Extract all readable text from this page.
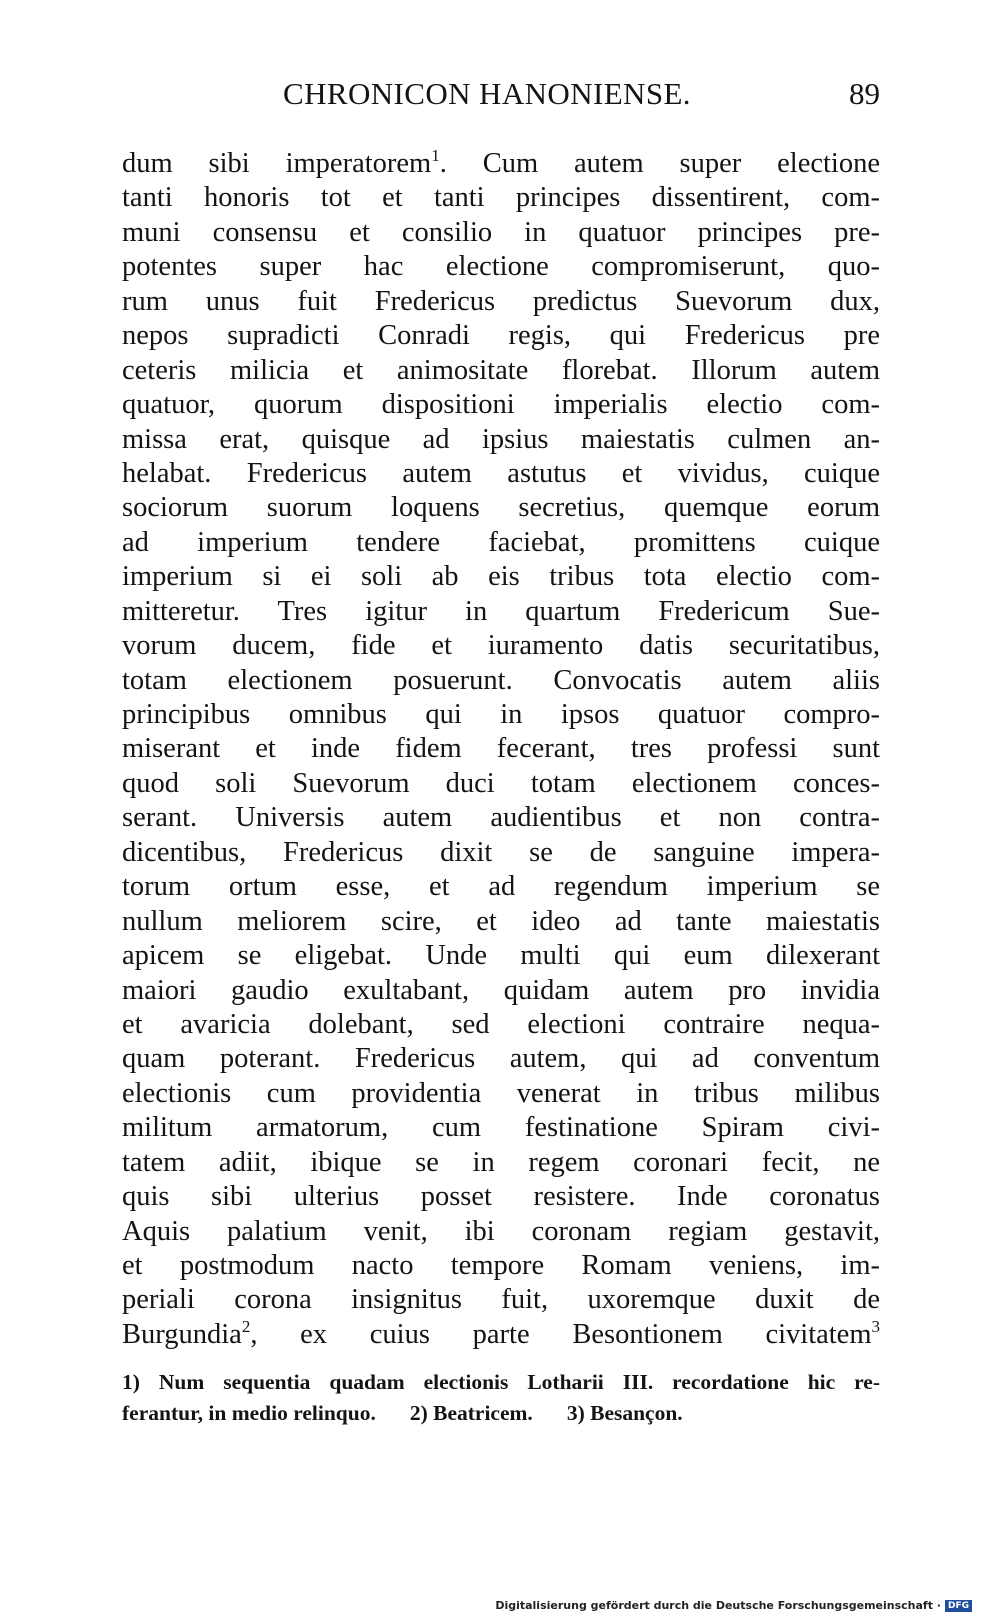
CHRONICON HANONIENSE.	89
dum sibi imperatorem$^1$. Cum autem super electione
tanti honoris tot et tanti principes dissentirent, com-
muni consensu et consilio in quatuor principes pre-
potentes super hac electione compromiserunt, quo-
rum unus fuit Fredericus predictus Suevorum dux,
nepos supradicti Conradi regis, qui Fredericus pre
ceteris milicia et animositate florebat. Illorum autem
quatuor, quorum dispositioni imperialis electio com-
missa erat, quisque ad ipsius maiestatis culmen an-
helabat. Fredericus autem astutus et vividus, cuique
sociorum suorum loquens secretius, quemque eorum
ad imperium tendere faciebat, promittens cuique
imperium si ei soli ab eis tribus tota electio com-
mitteretur. Tres igitur in quartum Fredericum Sue-
vorum ducem, fide et iuramento datis securitatibus,
totam electionem posuerunt. Convocatis autem aliis
principibus omnibus qui in ipsos quatuor compro-
miserant et inde fidem fecerant, tres professi sunt
quod soli Suevorum duci totam electionem conces-
serant. Universis autem audientibus et non contra-
dicentibus, Fredericus dixit se de sanguine impera-
torum ortum esse, et ad regendum imperium se
nullum meliorem scire, et ideo ad tante maiestatis
apicem se eligebat. Unde multi qui eum dilexerant
maiori gaudio exultabant, quidam autem pro invidia
et avaricia dolebant, sed electioni contraire nequa-
quam poterant. Fredericus autem, qui ad conventum
electionis cum providentia venerat in tribus milibus
militum armatorum, cum festinatione Spiram civi-
tatem adiit, ibique se in regem coronari fecit, ne
quis sibi ulterius posset resistere. Inde coronatus
Aquis palatium venit, ibi coronam regiam gestavit,
et postmodum nacto tempore Romam veniens, im-
periali corona insignitus fuit, uxoremque duxit de
Burgundia$^2$, ex cuius parte Besontionem civitatem$^3$
1) Num sequentia quadam electionis Lotharii III. recordatione hic re-
ferantur, in medio relinquo. 2) Beatricem. 3) Besançon.
Digitalisierung gefördert durch die Deutsche Forschungsgemeinschaft · DFG
